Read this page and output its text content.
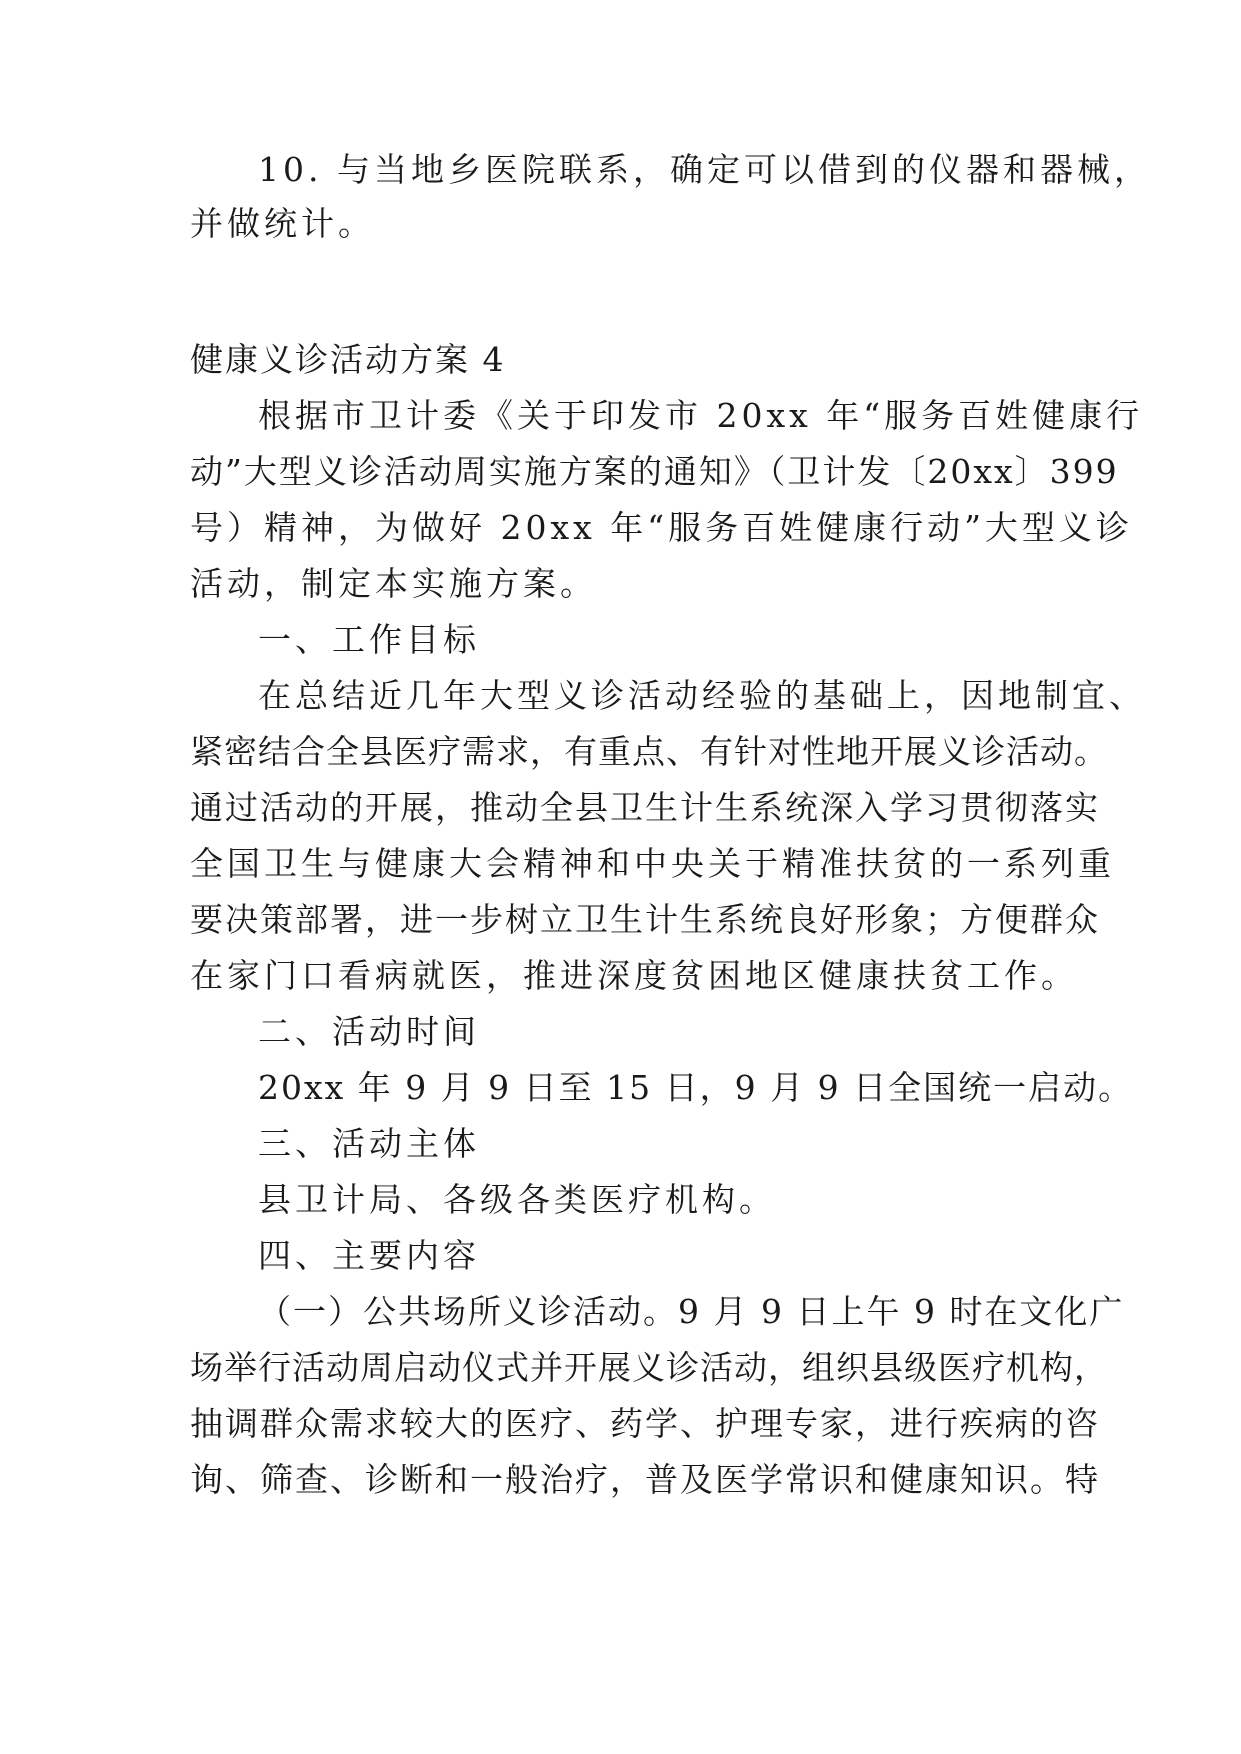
10. 与当地乡医院联系，确定可以借到的仪器和器械，
并做统计。
健康义诊活动方案 4
根据市卫计委《关于印发市 20xx 年“服务百姓健康行
动”大型义诊活动周实施方案的通知》（卫计发〔20xx〕399
号）精神，为做好 20xx 年“服务百姓健康行动”大型义诊
活动，制定本实施方案。
一、工作目标
在总结近几年大型义诊活动经验的基础上，因地制宜、
紧密结合全县医疗需求，有重点、有针对性地开展义诊活动。
通过活动的开展，推动全县卫生计生系统深入学习贯彻落实
全国卫生与健康大会精神和中央关于精准扶贫的一系列重
要决策部署，进一步树立卫生计生系统良好形象；方便群众
在家门口看病就医，推进深度贫困地区健康扶贫工作。
二、活动时间
20xx 年 9 月 9 日至 15 日，9 月 9 日全国统一启动。
三、活动主体
县卫计局、各级各类医疗机构。
四、主要内容
（一）公共场所义诊活动。9 月 9 日上午 9 时在文化广
场举行活动周启动仪式并开展义诊活动，组织县级医疗机构，
抽调群众需求较大的医疗、药学、护理专家，进行疾病的咨
询、筛查、诊断和一般治疗，普及医学常识和健康知识。特
